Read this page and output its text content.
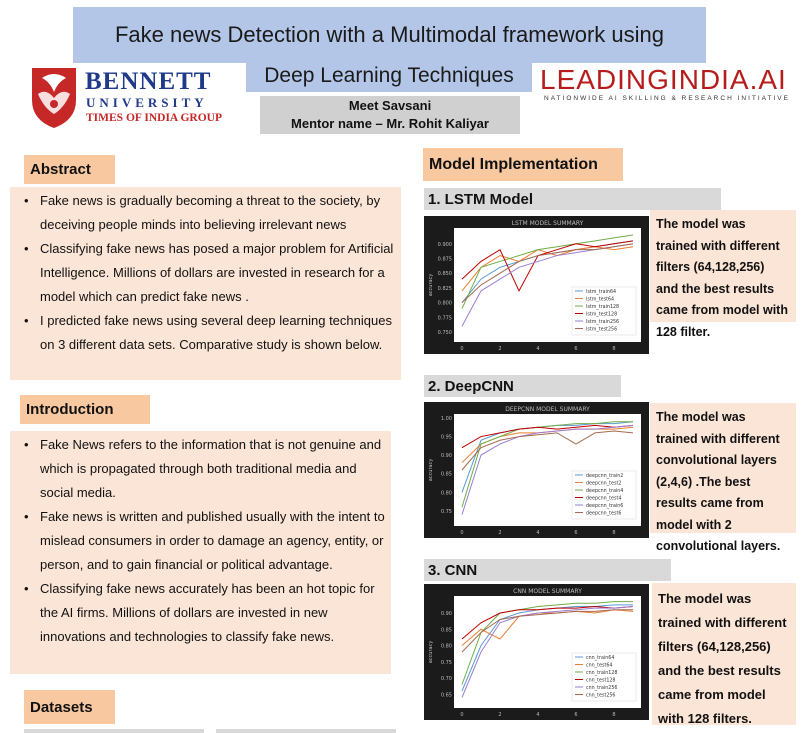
Fake news Detection with a Multimodal framework using
Deep Learning Techniques
BENNETT
UNIVERSITY
TIMES OF INDIA GROUP
LEADINGINDIA.AI
NATIONWIDE AI SKILLING & RESEARCH INITIATIVE
Meet Savsani
Mentor name – Mr. Rohit Kaliyar
Abstract
• Fake news is gradually becoming a threat to the society, by deceiving people minds into believing irrelevant news
• Classifying fake news has posed a major problem for Artificial Intelligence. Millions of dollars are invested in research for a model which can predict fake news .
• I predicted fake news using several deep learning techniques on 3 different data sets. Comparative study is shown below.
Introduction
• Fake News refers to the information that is not genuine and which is propagated through both traditional media and social media.
• Fake news is written and published usually with the intent to mislead consumers in order to damage an agency, entity, or person, and to gain financial or political advantage.
• Classifying fake news accurately has been an hot topic for the AI firms. Millions of dollars are invested in new innovations and technologies to classify fake news.
Datasets
Model Implementation
1. LSTM Model
LSTM MODEL SUMMARY
accuracy
0.750
0.775
0.800
0.825
0.850
0.875
0.900
0	2	4	6	8
lstm_train64
lstm_test64
lstm_train128
lstm_test128
lstm_train256
lstm_test256
The model was trained with different filters (64,128,256) and the best results came from model with 128 filter.
2. DeepCNN
DEEPCNN MODEL SUMMARY
accuracy
0.75
0.80
0.85
0.90
0.95
1.00
0	2	4	6	8
deepcnn_train2
deepcnn_test2
deepcnn_train4
deepcnn_test4
deepcnn_train6
deepcnn_test6
The model was trained with different convolutional layers (2,4,6) .The best results came from model with 2 convolutional layers.
3. CNN
CNN MODEL SUMMARY
accuracy
0.65
0.70
0.75
0.80
0.85
0.90
0	2	4	6	8
cnn_train64
cnn_test64
cnn_train128
cnn_test128
cnn_train256
cnn_test256
The model was trained with different filters (64,128,256) and the best results came from model with 128 filters.
